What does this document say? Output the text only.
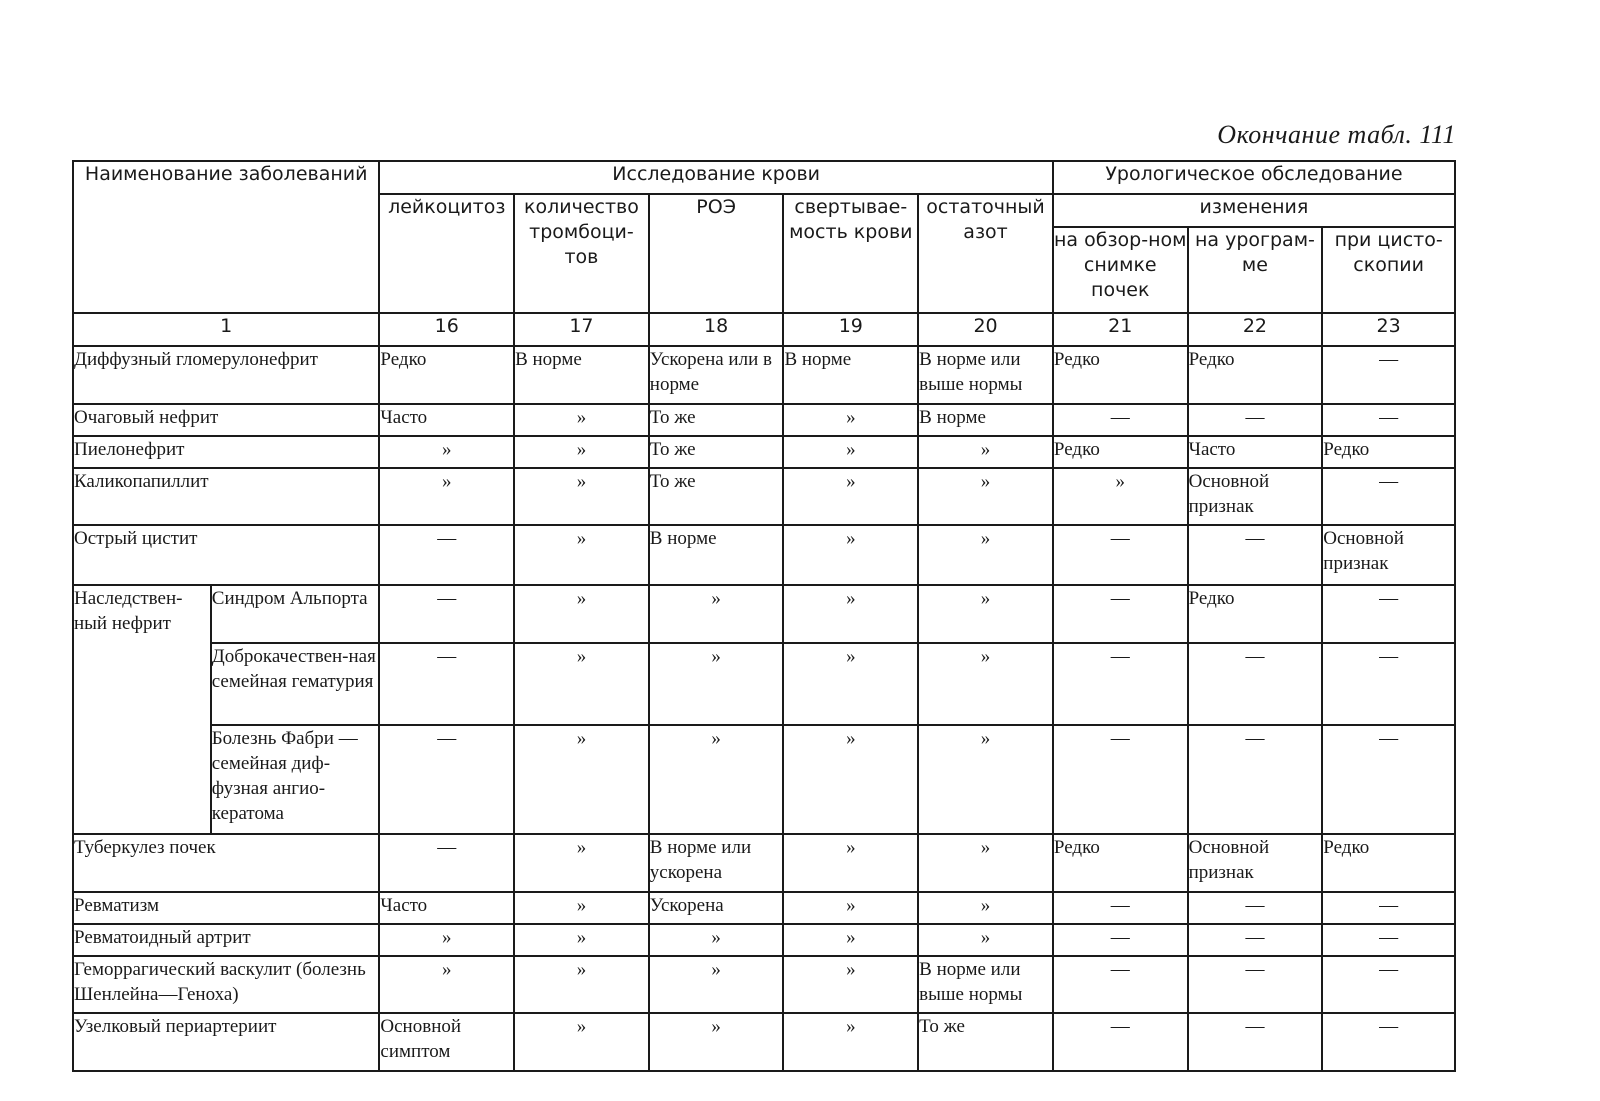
Окончание табл. 111
Наименование заболеваний		Исследование крови					Урологическое обследование		
		лейкоцитоз	количество тромбоци-тов	РОЭ	свертывае-мость крови	остаточный азот	изменения		
							на обзор-ном снимке почек	на урограм-ме	при цисто-скопии
1		16	17	18	19	20	21	22	23
Диффузный гломерулонефрит		Редко	В норме	Ускорена или в норме	В норме	В норме или выше нормы	Редко	Редко	—
Очаговый нефрит		Часто	»	То же	»	В норме	—	—	—
Пиелонефрит		»	»	То же	»	»	Редко	Часто	Редко
Каликопапиллит		»	»	То же	»	»	»	Основной признак	—
Острый цистит		—	»	В норме	»	»	—	—	Основной признак
Наследствен-ный нефрит	Синдром Альпорта	—	»	»	»	»	—	Редко	—
	Доброкачествен-ная семейная гематурия	—	»	»	»	»	—	—	—
	Болезнь Фабри — семейная диф-фузная ангио-кератома	—	»	»	»	»	—	—	—
Туберкулез почек		—	»	В норме или ускорена	»	»	Редко	Основной признак	Редко
Ревматизм		Часто	»	Ускорена	»	»	—	—	—
Ревматоидный артрит		»	»	»	»	»	—	—	—
Геморрагический васкулит (болезнь Шенлейна—Геноха)		»	»	»	»	В норме или выше нормы	—	—	—
Узелковый периартериит		Основной симптом	»	»	»	То же	—	—	—
